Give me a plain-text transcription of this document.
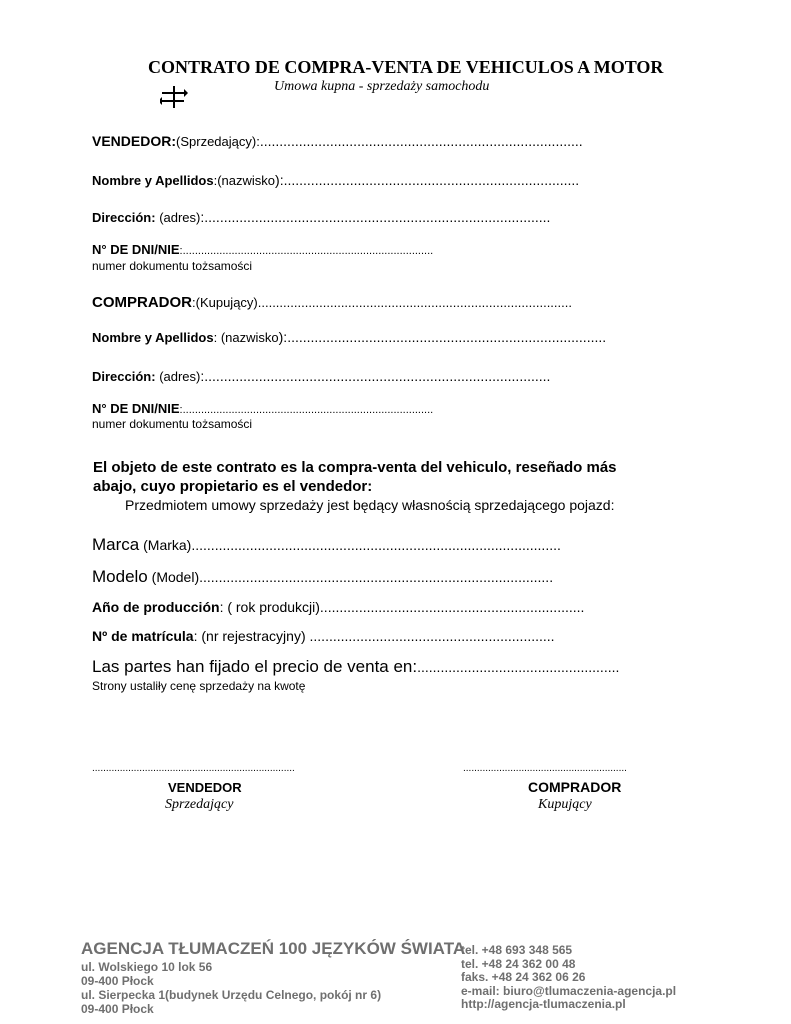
CONTRATO DE COMPRA-VENTA DE VEHICULOS A MOTOR
Umowa kupna - sprzedaży samochodu
VENDEDOR:(Sprzedający):...................................................................................
Nombre y Apellidos:(nazwisko):............................................................................
Dirección: (adres):.........................................................................................
N° DE DNI/NIE:..................................................................................
numer dokumentu tożsamości
COMPRADOR:(Kupujący).......................................................................................
Nombre y Apellidos: (nazwisko):..................................................................................
Dirección: (adres):.........................................................................................
N° DE DNI/NIE:..................................................................................
numer dokumentu tożsamości
El objeto de este contrato es la compra-venta del vehiculo, reseñado más
abajo, cuyo propietario es el vendedor:
Przedmiotem umowy sprzedaży jest będący własnością sprzedającego pojazd:
Marca (Marka)...............................................................................................
Modelo (Model)...........................................................................................
Año de producción: ( rok produkcji)....................................................................
Nº de matrícula: (nr rejestracyjny) ...............................................................
Las partes han fijado el precio de venta en:....................................................
Strony ustaliły cenę sprzedaży na kwotę
.........................................................................
VENDEDOR
Sprzedający
...........................................................
COMPRADOR
Kupujący
AGENCJA TŁUMACZEŃ 100 JĘZYKÓW ŚWIATA
ul. Wolskiego 10 lok 56
09-400 Płock
ul. Sierpecka 1(budynek Urzędu Celnego, pokój nr 6)
09-400 Płock
tel. +48 693 348 565
tel. +48 24 362 00 48
faks. +48 24 362 06 26
e-mail: biuro@tlumaczenia-agencja.pl
http://agencja-tlumaczenia.pl
